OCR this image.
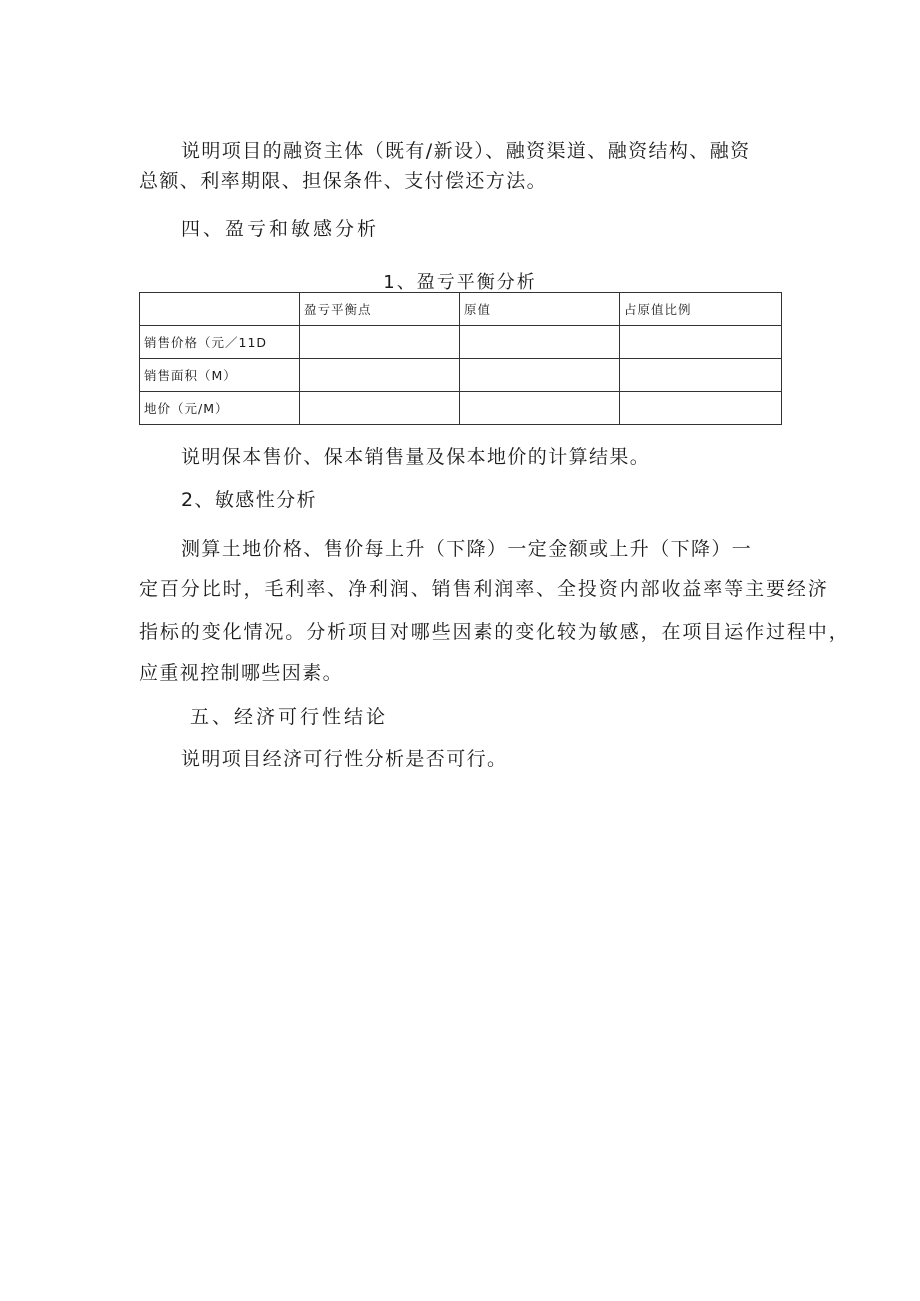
说明项目的融资主体（既有/新设）、融资渠道、融资结构、融资

总额、利率期限、担保条件、支付偿还方法。

四、盈亏和敏感分析

1、盈亏平衡分析

	盈亏平衡点	原值	占原值比例
销售价格（元／11D			
销售面积（M）			
地价（元/M）			

说明保本售价、保本销售量及保本地价的计算结果。

2、敏感性分析

测算土地价格、售价每上升（下降）一定金额或上升（下降）一

定百分比时，毛利率、净利润、销售利润率、全投资内部收益率等主要经济

指标的变化情况。分析项目对哪些因素的变化较为敏感，在项目运作过程中，

应重视控制哪些因素。

五、经济可行性结论

说明项目经济可行性分析是否可行。
